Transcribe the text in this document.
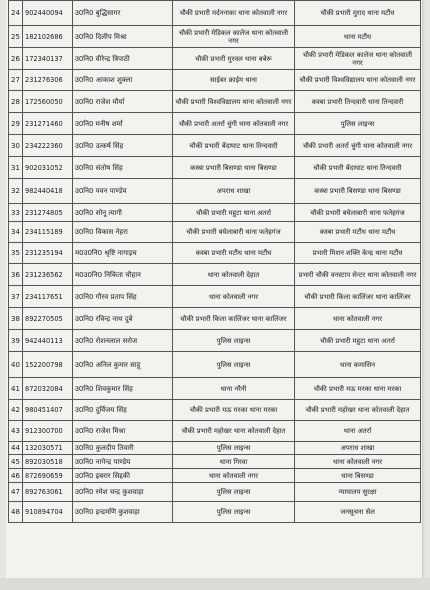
24	902440094	उ0नि0 बुद्धिसागर	चौकी प्रभारी मर्दननाका थाना कोतवाली नगर	चौकी प्रभारी मुराद थाना मटौंध
25	182102686	उ0नि0 दिलीप मिश्रा	चौकी प्रभारी मेडिकल कालेज थाना कोतवाली नगर	थाना मटौंध
26	172340137	उ0नि0 वीरेन्द्र त्रिपाठी	चौकी प्रभारी मुरवल थाना बबेरू	चौकी प्रभारी मेडिकल कालेज थाना कोतवाली नगर
27	231276306	उ0नि0 आकाश शुक्ला	साईबर क्राईम थाना	चौकी प्रभारी विश्वविद्यालय थाना कोतवाली नगर
28	172560050	उ0नि0 राजेश मौर्या	चौकी प्रभारी विश्वविद्यालय थाना कोतवाली नगर	कस्बा प्रभारी तिन्दवारी थाना तिन्दवारी
29	231271460	उ0नि0 मनीष शर्मा	चौकी प्रभारी अतर्रा चुंगी थाना कोतवाली नगर	पुलिस लाइन्स
30	234222360	उ0नि0 उत्कर्ष सिंह	चौकी प्रभारी बेंदाघाट थाना तिन्दवारी	चौकी प्रभारी अतर्रा चुंगी थाना कोतवाली नगर
31	902031052	उ0नि0 संतोष सिंह	कस्बा प्रभारी बिसण्डा थाना बिसण्डा	चौकी प्रभारी बेंदाघाट थाना तिन्दवारी
32	982440418	उ0नि0 पवन पाण्डेय	अपराध शाखा	कस्बा प्रभारी बिसण्डा थाना बिसण्डा
33	231274805	उ0नि0 सोनू त्यागी	चौकी प्रभारी महुटा थाना अतर्रा	चौकी प्रभारी बघेलाबारी थाना फतेहगंज
34	234115189	उ0नि0 विकास नेहरा	चौकी प्रभारी बघेलाबारी थाना फतेहगंज	कस्बा प्रभारी मटौंध थाना मटौंध
35	231235194	म0उ0नि0 श्रृष्टि नागाइच	कस्बा प्रभारी मटौंध थाना मटौंध	प्रभारी मिशन शक्ति केन्द्र थाना मटौंध
36	231236562	म0उ0नि0 निकिता चौहान	थाना कोतवाली देहात	प्रभारी चौकी वनस्टाप सेन्टर थाना कोतवाली नगर
37	234117651	उ0नि0 गौरव प्रताप सिंह	थाना कोतवाली नगर	चौकी प्रभारी किला कालिंजर थाना कालिंजर
38	892270505	उ0नि0 रविन्द्र नाथ दुबे	चौकी प्रभारी किला कालिंजर थाना कालिंजर	थाना कोतवाली नगर
39	942440113	उ0नि0 रोशनलाल सरोज	पुलिस लाइन्स	चौकी प्रभारी महुटा थाना अतर्रा
40	152200798	उ0नि0 अनिल कुमार साहू	पुलिस लाइन्स	थाना कमासिन
41	872032084	उ0नि0 शिवकुमार सिंह	थाना नरैनी	चौकी प्रभारी मऊ मरका थाना मरका
42	980451407	उ0नि0 दुर्विजय सिंह	चौकी प्रभारी मऊ मरका थाना मरका	चौकी प्रभारी महोखर थाना कोतवाली देहात
43	912300700	उ0नि0 राजेश मिश्रा	चौकी प्रभारी महोखर थाना कोतवाली देहात	थाना अतर्रा
44	132030571	उ0नि0 कुलदीप तिवारी	पुलिस लाइन्स	अपराध शाखा
45	892030518	उ0नि0 नागेन्द्र पाण्डेय	थाना गिरवा	थाना कोतवाली नगर
46	872690659	उ0नि0 इबरार सिद्दकी	थाना कोतवाली नगर	थाना बिसण्डा
47	892763061	उ0नि0 रमेश चन्द्र कुशवाहा	पुलिस लाइन्स	न्यायालय सुरक्षा
48	910894704	उ0नि0 इन्द्रमणि कुशवाहा	पुलिस लाइन्स	जनसूचना सेल
